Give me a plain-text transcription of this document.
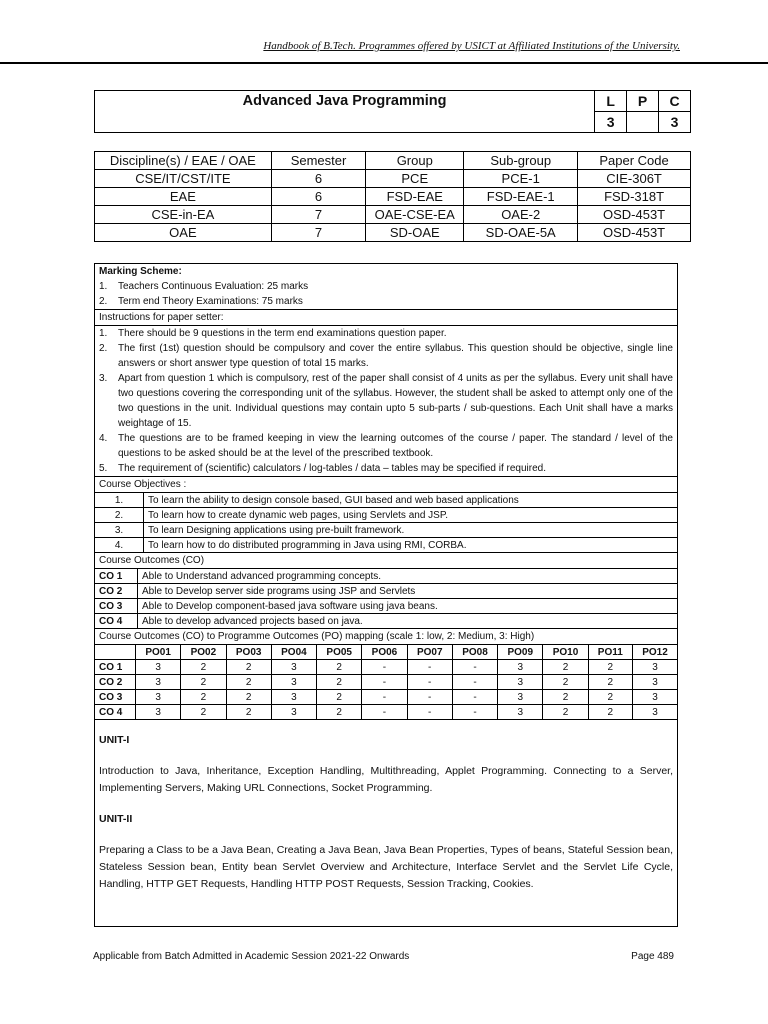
Handbook of B.Tech. Programmes offered by USICT at Affiliated Institutions of the University.
Advanced Java Programming	L	P	C
	3		3
Discipline(s) / EAE / OAE	Semester	Group	Sub-group	Paper Code
CSE/IT/CST/ITE	6	PCE	PCE-1	CIE-306T
EAE	6	FSD-EAE	FSD-EAE-1	FSD-318T
CSE-in-EA	7	OAE-CSE-EA	OAE-2	OSD-453T
OAE	7	SD-OAE	SD-OAE-5A	OSD-453T
Marking Scheme:
1.	Teachers Continuous Evaluation: 25 marks
2.	Term end Theory Examinations: 75 marks
Instructions for paper setter:
1.	There should be 9 questions in the term end examinations question paper.
2.	The first (1st) question should be compulsory and cover the entire syllabus. This question should be objective, single line answers or short answer type question of total 15 marks.
3.	Apart from question 1 which is compulsory, rest of the paper shall consist of 4 units as per the syllabus. Every unit shall have two questions covering the corresponding unit of the syllabus. However, the student shall be asked to attempt only one of the two questions in the unit. Individual questions may contain upto 5 sub-parts / sub-questions. Each Unit shall have a marks weightage of 15.
4.	The questions are to be framed keeping in view the learning outcomes of the course / paper. The standard / level of the questions to be asked should be at the level of the prescribed textbook.
5.	The requirement of (scientific) calculators / log-tables / data – tables may be specified if required.
Course Objectives :
1.	To learn the ability to design console based, GUI based and web based applications
2.	To learn how to create dynamic web pages, using Servlets and JSP.
3.	To learn Designing applications using pre-built framework.
4.	To learn how to do distributed programming in Java using RMI, CORBA.
Course Outcomes (CO)
CO 1	Able to Understand advanced programming concepts.
CO 2	Able to Develop server side programs using JSP and Servlets
CO 3	Able to Develop component-based java software using java beans.
CO 4	Able to develop advanced projects based on java.
Course Outcomes (CO) to Programme Outcomes (PO) mapping (scale 1: low, 2: Medium, 3: High)
	PO01	PO02	PO03	PO04	PO05	PO06	PO07	PO08	PO09	PO10	PO11	PO12
CO 1	3	2	2	3	2	-	-	-	3	2	2	3
CO 2	3	2	2	3	2	-	-	-	3	2	2	3
CO 3	3	2	2	3	2	-	-	-	3	2	2	3
CO 4	3	2	2	3	2	-	-	-	3	2	2	3
UNIT-I

Introduction to Java, Inheritance, Exception Handling, Multithreading, Applet Programming. Connecting to a Server, Implementing Servers, Making URL Connections, Socket Programming.

UNIT-II

Preparing a Class to be a Java Bean, Creating a Java Bean, Java Bean Properties, Types of beans, Stateful Session bean, Stateless Session bean, Entity bean Servlet Overview and Architecture, Interface Servlet and the Servlet Life Cycle, Handling, HTTP GET Requests, Handling HTTP POST Requests, Session Tracking, Cookies.

Applicable from Batch Admitted in Academic Session 2021-22 Onwards	Page 489
